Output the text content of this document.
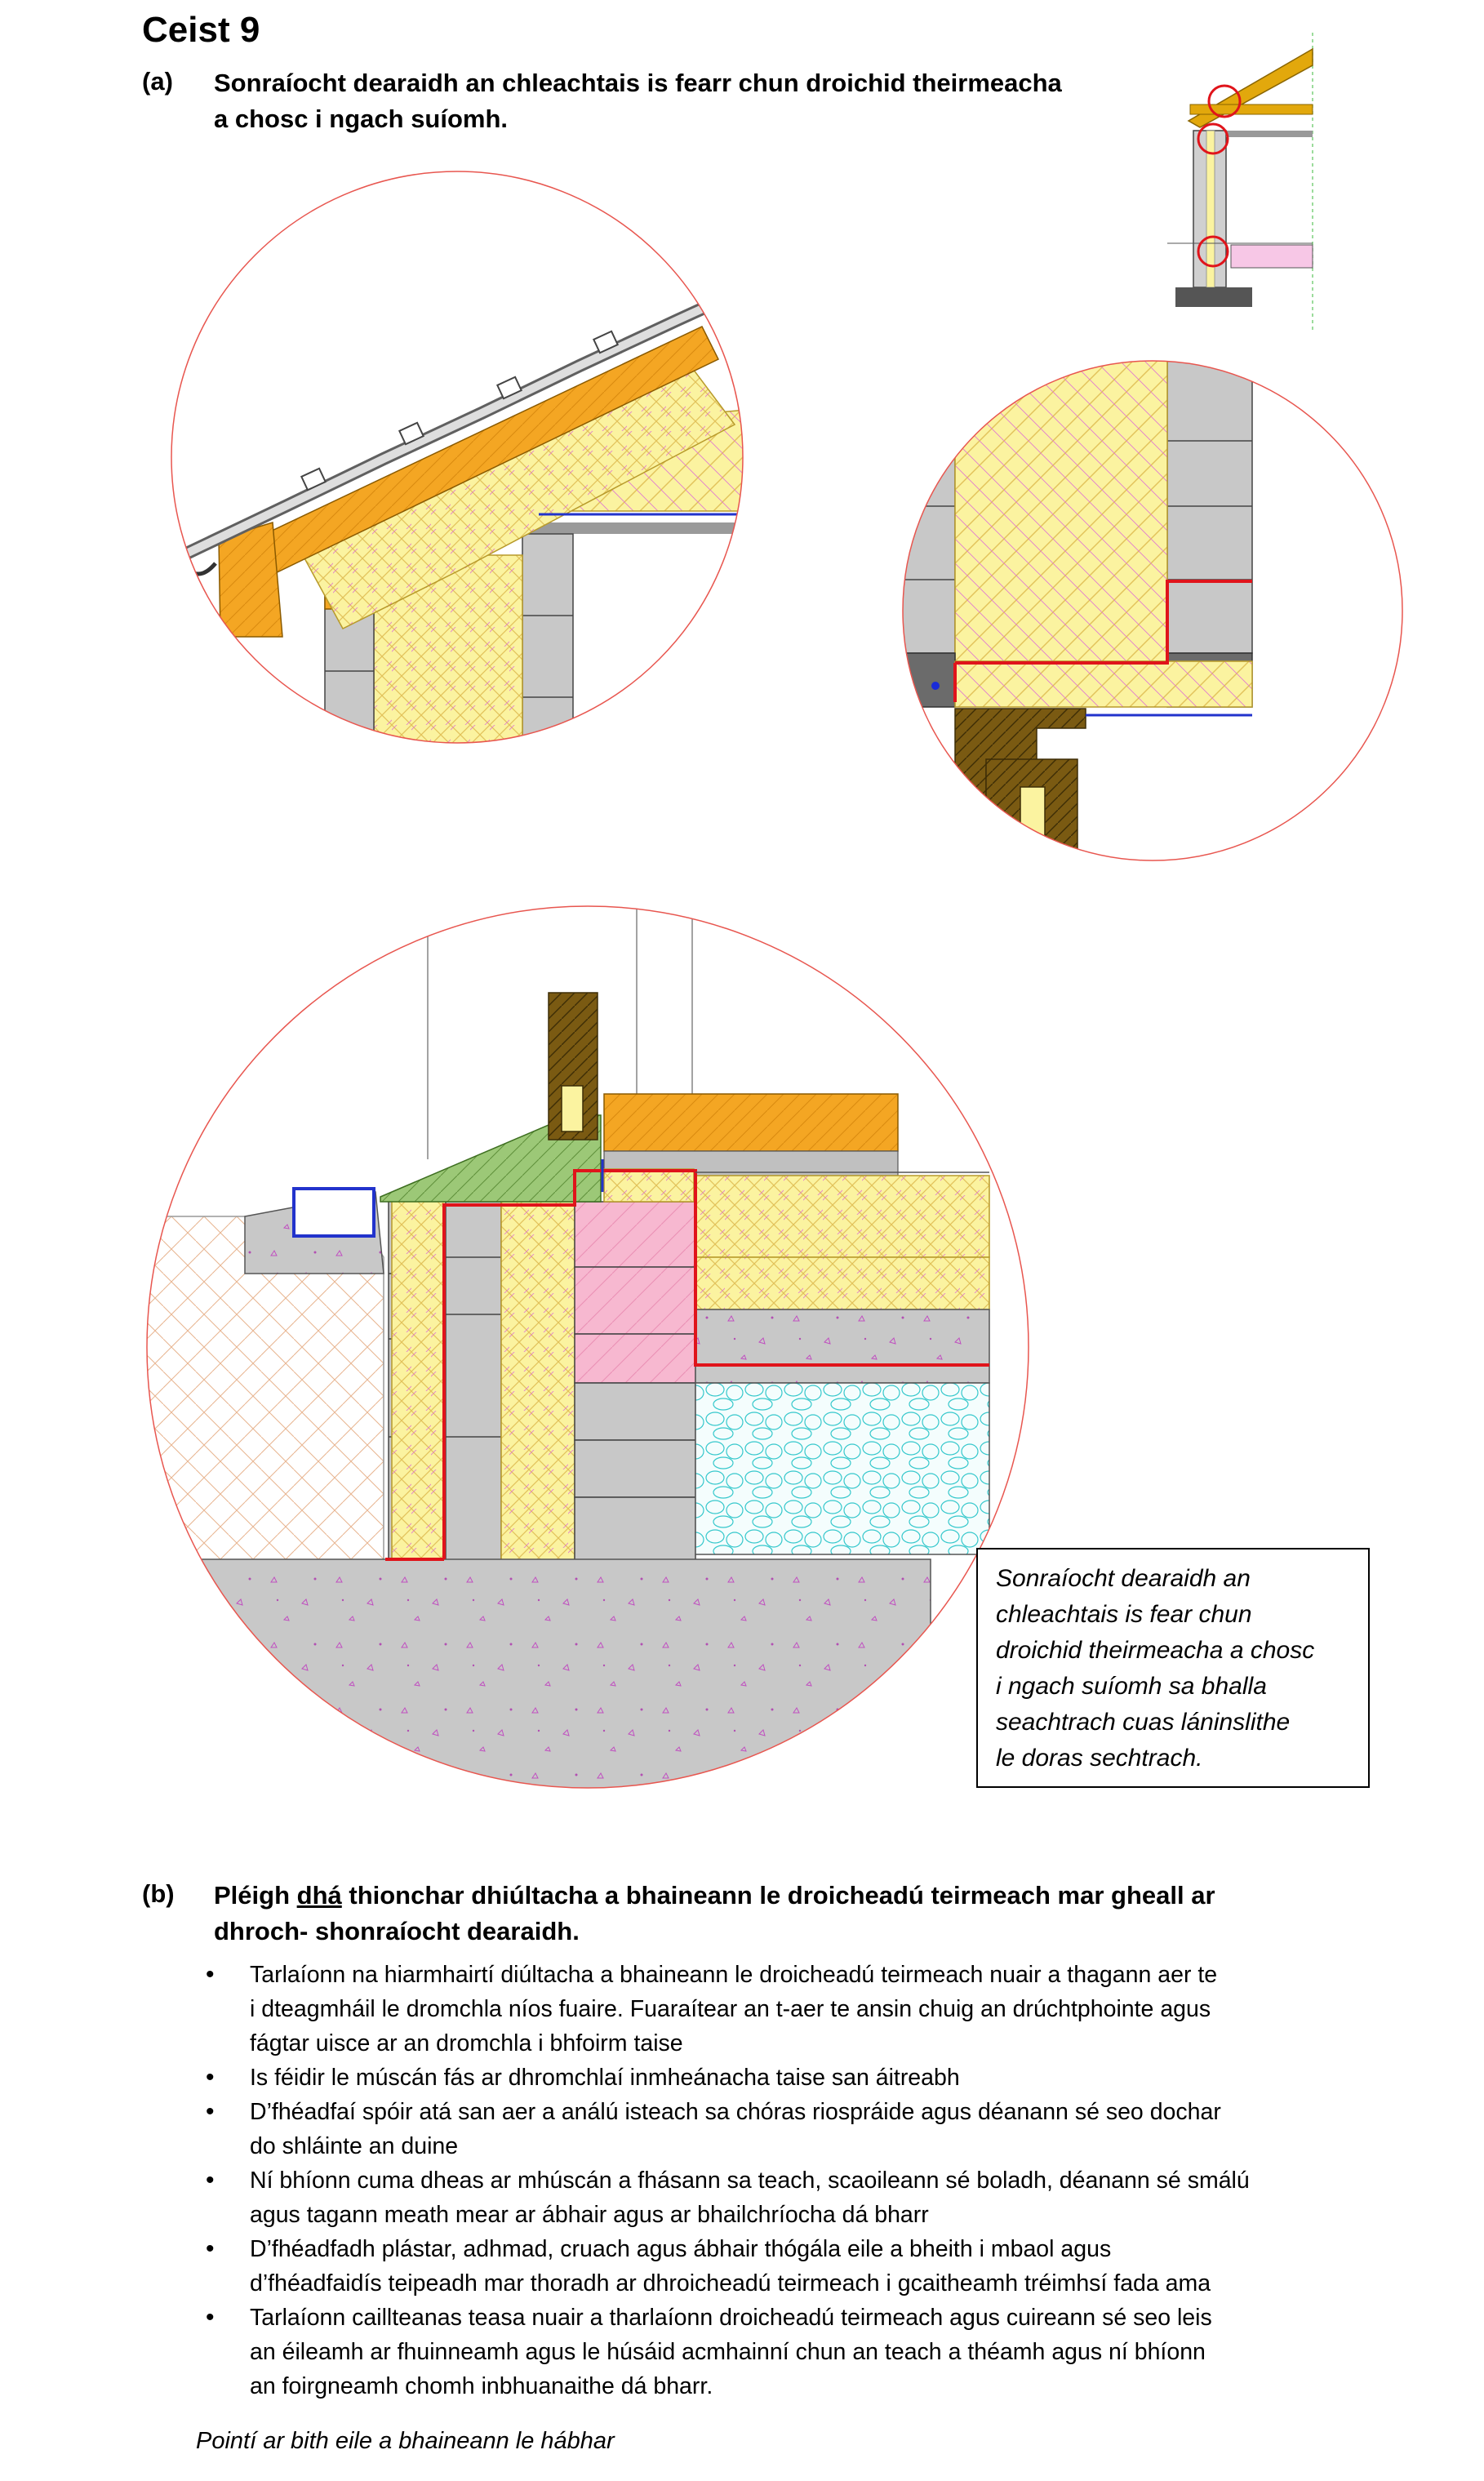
Ceist 9
(a) Sonraíocht dearaidh an chleachtais is fearr chun droichid theirmeacha
a chosc i ngach suíomh.
Sonraíocht dearaidh an
chleachtais is fear chun
droichid theirmeacha a chosc
i ngach suíomh sa bhalla
seachtrach cuas láninslithe
le doras sechtrach.
(b) Pléigh dhá thionchar dhiúltacha a bhaineann le droicheadú teirmeach mar gheall ar
dhroch- shonraíocht dearaidh.
• Tarlaíonn na hiarmhairtí diúltacha a bhaineann le droicheadú teirmeach nuair a thagann aer te
i dteagmháil le dromchla níos fuaire. Fuaraítear an t-aer te ansin chuig an drúchtphointe agus
fágtar uisce ar an dromchla i bhfoirm taise
• Is féidir le múscán fás ar dhromchlaí inmheánacha taise san áitreabh
• D’fhéadfaí spóir atá san aer a análú isteach sa chóras riospráide agus déanann sé seo dochar
do shláinte an duine
• Ní bhíonn cuma dheas ar mhúscán a fhásann sa teach, scaoileann sé boladh, déanann sé smálú
agus tagann meath mear ar ábhair agus ar bhailchríocha dá bharr
• D’fhéadfadh plástar, adhmad, cruach agus ábhair thógála eile a bheith i mbaol agus
d’fhéadfaidís teipeadh mar thoradh ar dhroicheadú teirmeach i gcaitheamh tréimhsí fada ama
• Tarlaíonn caillteanas teasa nuair a tharlaíonn droicheadú teirmeach agus cuireann sé seo leis
an éileamh ar fhuinneamh agus le húsáid acmhainní chun an teach a théamh agus ní bhíonn
an foirgneamh chomh inbhuanaithe dá bharr.
Pointí ar bith eile a bhaineann le hábhar
